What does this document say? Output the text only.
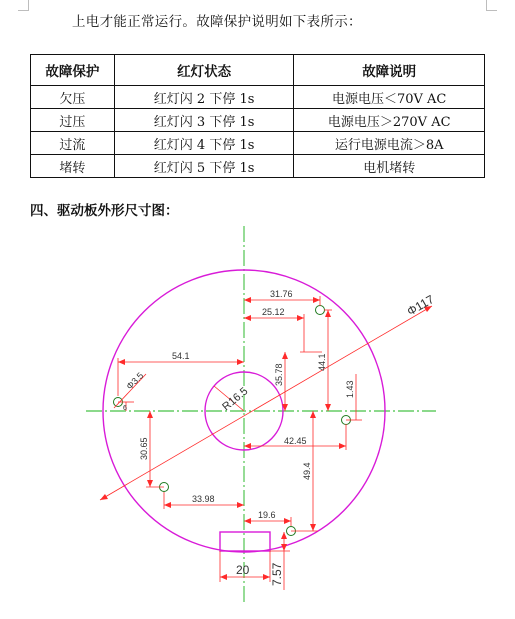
上电才能正常运行。故障保护说明如下表所示：
故障保护	红灯状态	故障说明
欠压	红灯闪 2 下停 1s	电源电压＜70V AC
过压	红灯闪 3 下停 1s	电源电压＞270V AC
过流	红灯闪 4 下停 1s	运行电源电流＞8A
堵转	红灯闪 5 下停 1s	电机堵转
四、驱动板外形尺寸图：
Φ117
31.76
25.12
54.1
35.78
44.1
Φ3.5
6
1.43
R16.5
42.45
30.65
49.4
33.98
19.6
20 7.57
